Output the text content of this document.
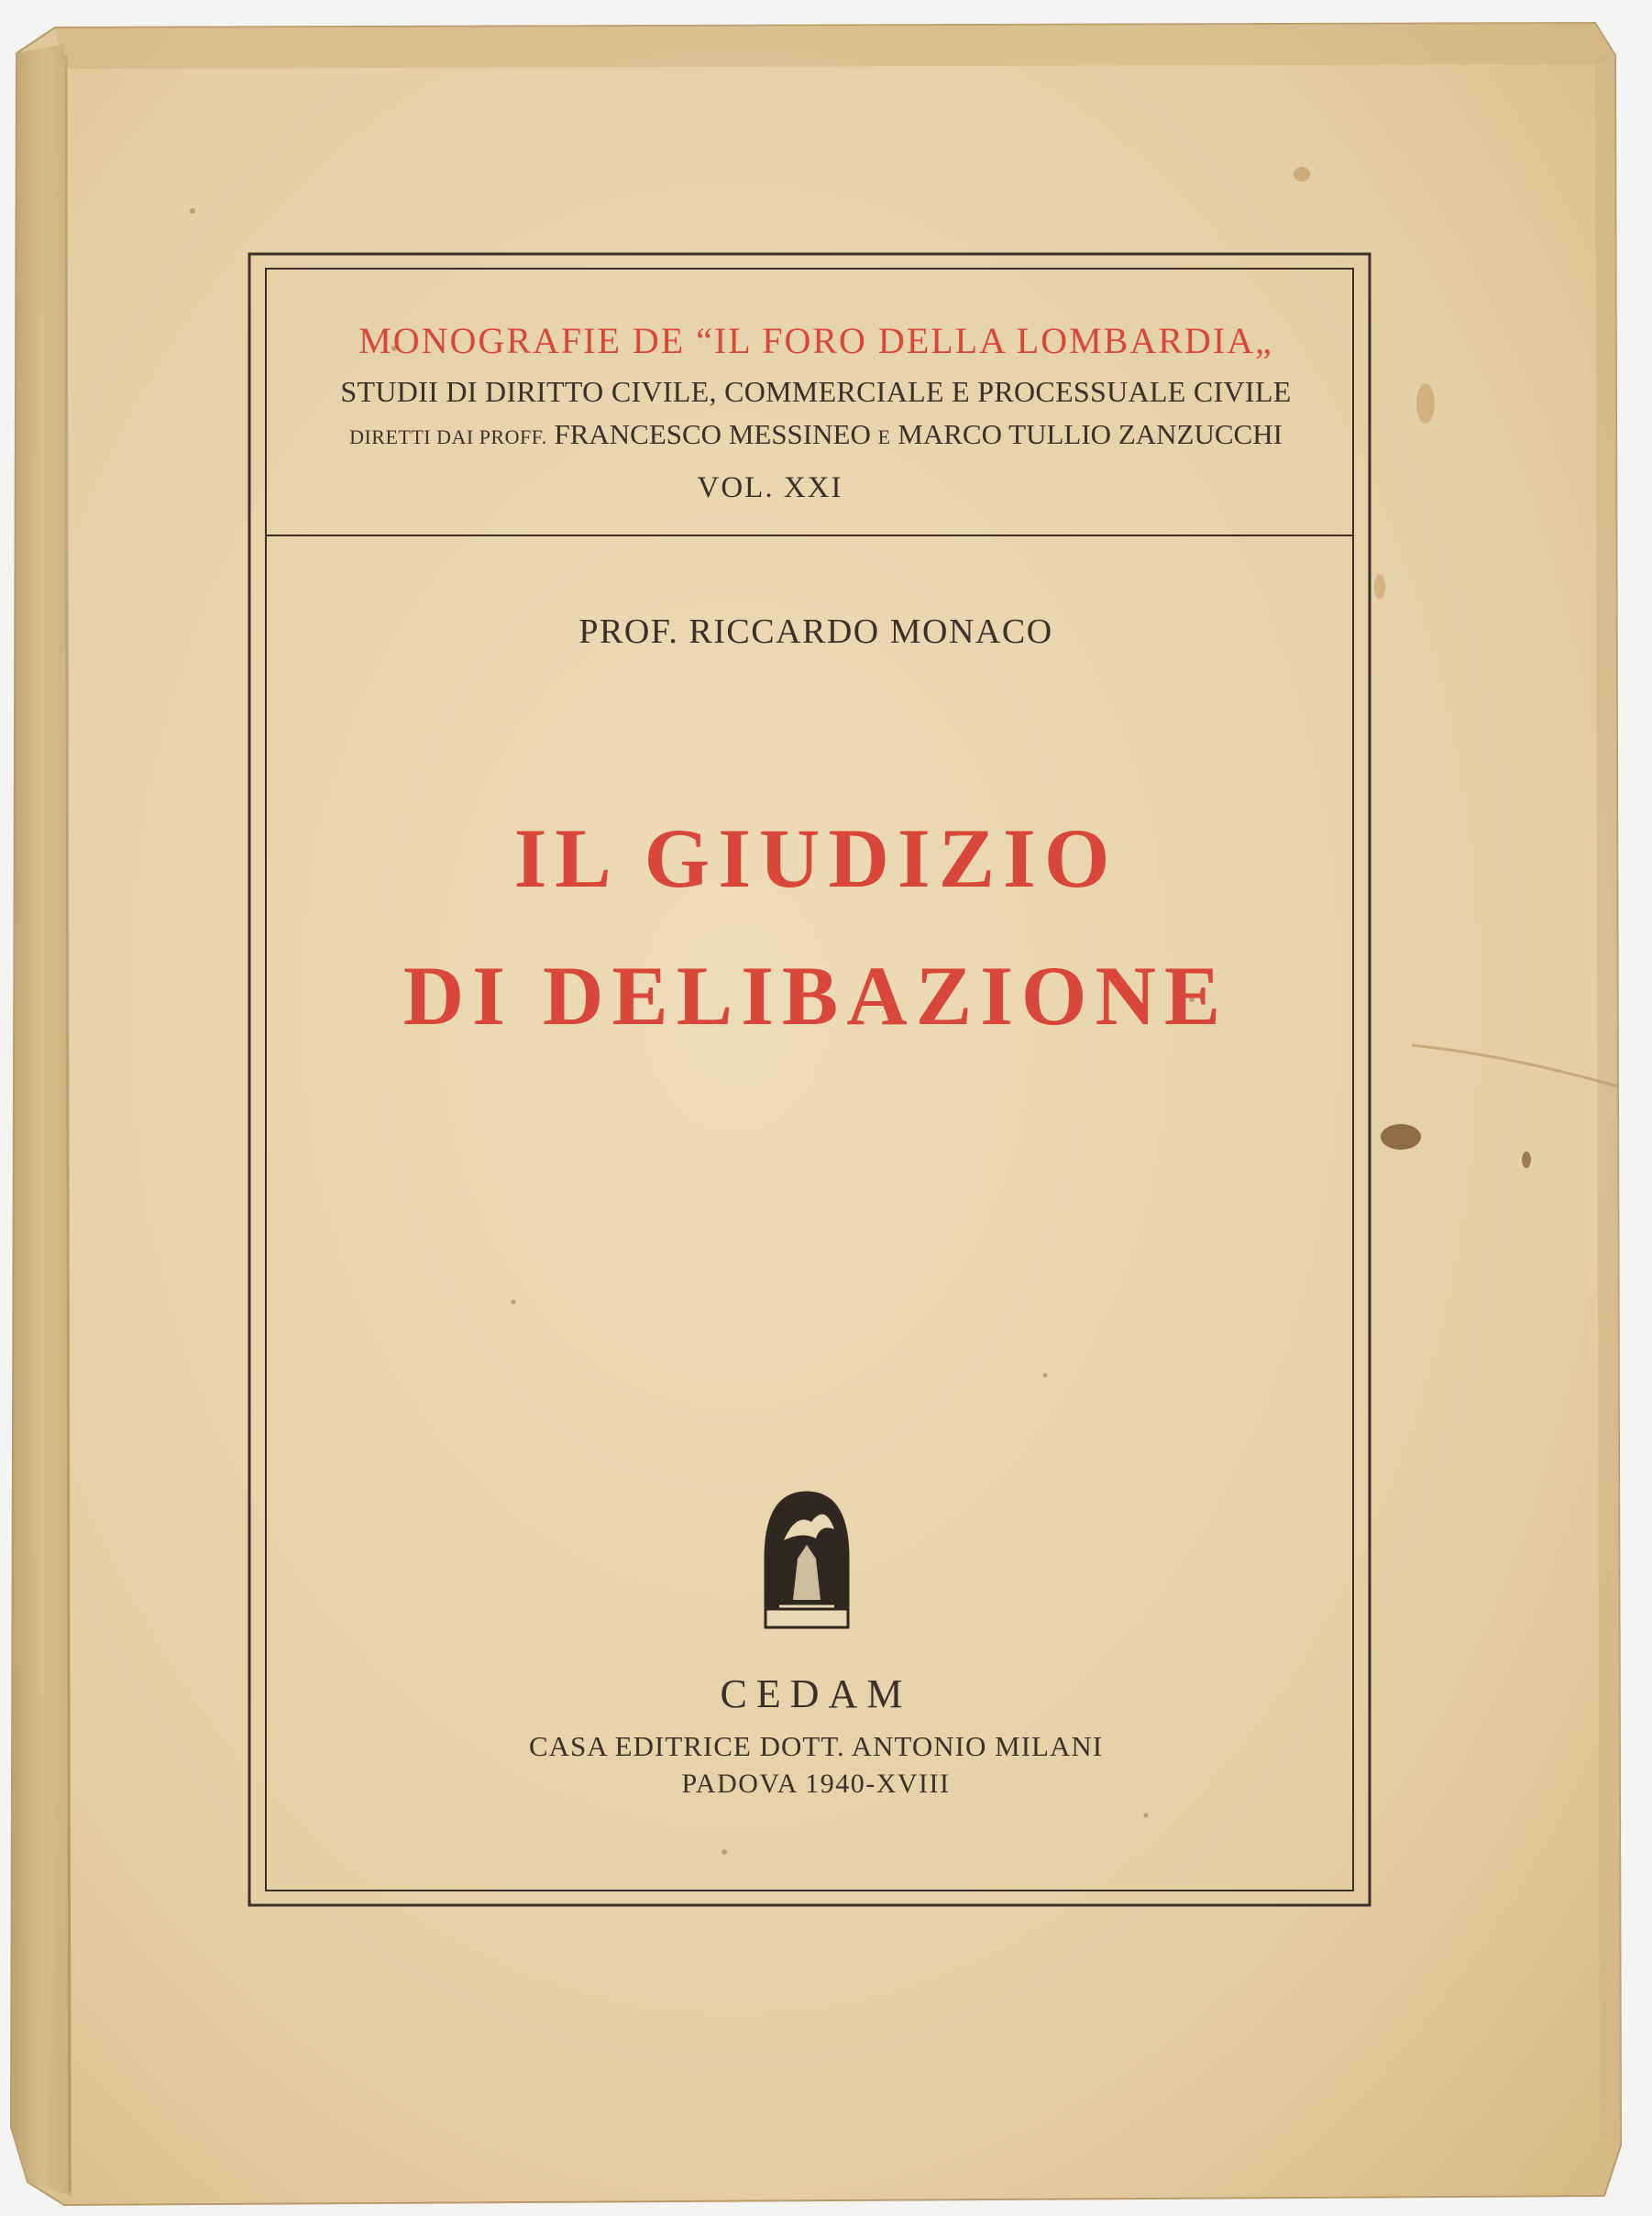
MONOGRAFIE DE “IL FORO DELLA LOMBARDIA„
STUDII DI DIRITTO CIVILE, COMMERCIALE E PROCESSUALE CIVILE
DIRETTI DAI PROFF. FRANCESCO MESSINEO E MARCO TULLIO ZANZUCCHI
VOL. XXI
PROF. RICCARDO MONACO
IL GIUDIZIO
DI DELIBAZIONE
CEDAM
CASA EDITRICE DOTT. ANTONIO MILANI
PADOVA 1940-XVIII
